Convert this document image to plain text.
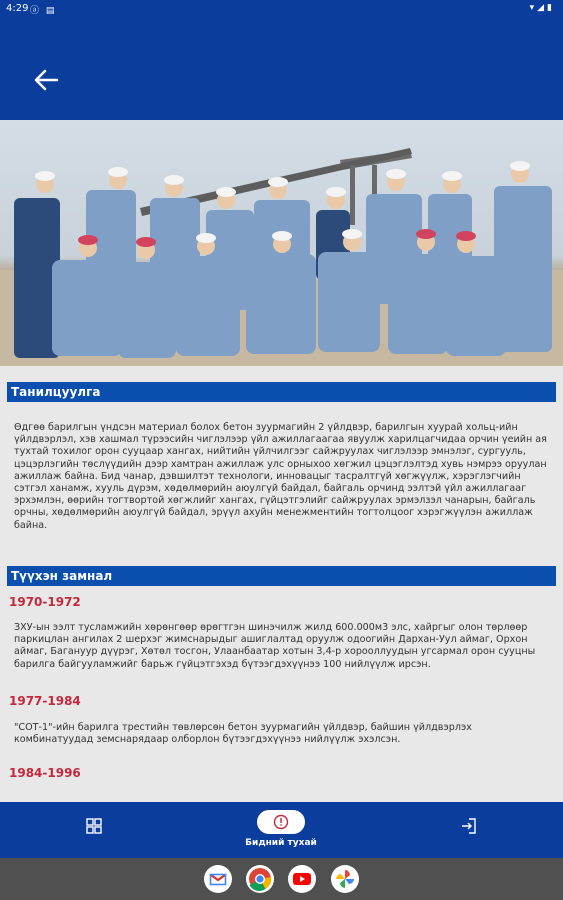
4:29 ⓐ ▤	▾◢▮
Танилцуулга
Өдгөө барилгын үндсэн материал болох бетон зуурмагийн 2 үйлдвэр, барилгын хуурай хольц-ийн үйлдвэрлэл, хэв хашмал түрээсийн чиглэлээр үйл ажиллагаагаа явуулж харилцагчидаа орчин үеийн ая тухтай тохилог орон сууцаар хангах, нийтийн үйлчилгээг сайжруулах чиглэлээр эмнэлэг, сургууль, цэцэрлэгийн төслүүдийн дээр хамтран ажиллаж улс орныхоо хөгжил цэцэглэлтэд хувь нэмрээ оруулан ажиллаж байна. Бид чанар, дэвшилтэт технологи, инновацыг тасралтгүй хөгжүүлж, хэрэглэгчийн сэтгэл ханамж, хууль дүрэм, хөдөлмөрийн аюулгүй байдал, байгаль орчинд ээлтэй үйл ажиллагааг эрхэмлэн, өөрийн тогтвортой хөгжлийг хангах, гүйцэтгэлийг сайжруулах эрмэлзэл чанарын, байгаль орчны, хөдөлмөрийн аюулгүй байдал, эрүүл ахуйн менежментийн тогтолцоог хэрэгжүүлэн ажиллаж байна.
Түүхэн замнал
1970-1972
ЗХУ-ын ээлт тусламжийн хөрөнгөөр өрөгтгэн шинэчилж жилд 600.000м3 элс, хайргыг олон төрлөөр паркицлан ангилах 2 шерхэг жимснарыдыг ашиглалтад оруулж одоогийн Дархан-Уул аймаг, Орхон аймаг, Багануур дүүрэг, Хөтөл тосгон, Улаанбаатар хотын 3,4-р хорооллуудын угсармал орон сууцны барилга байгууламжийг барьж гүйцэтгэхэд бүтээгдэхүүнээ 100 нийлүүлж ирсэн.
1977-1984
"СОТ-1"-ийн барилга трестийн төвлөрсөн бетон зуурмагийн үйлдвэр, байшин үйлдвэрлэх комбинатуудад земснарядаар олборлон бүтээгдэхүүнээ нийлүүлж эхэлсэн.
1984-1996
Бидний тухай
